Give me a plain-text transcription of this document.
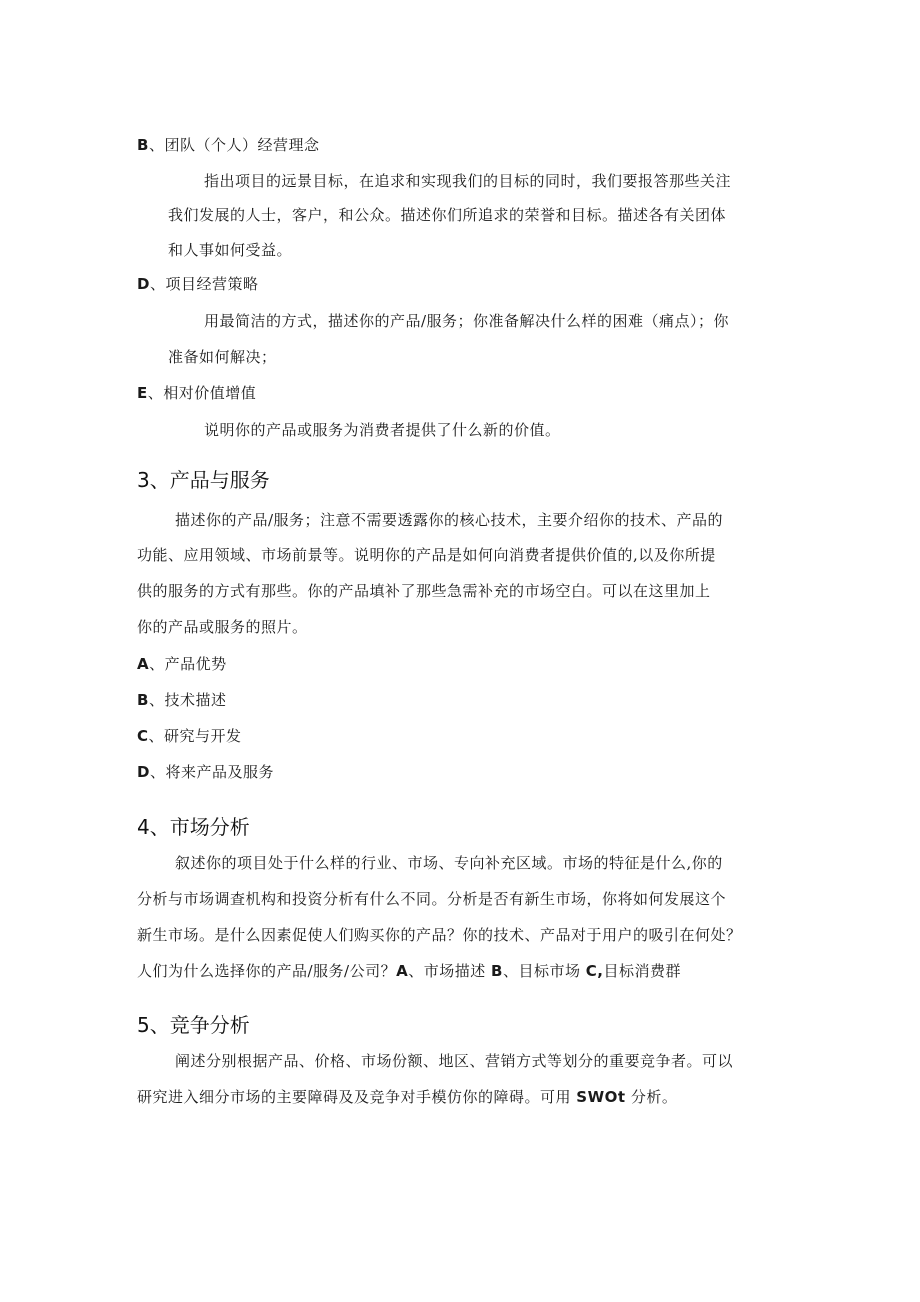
B、团队（个人）经营理念
指出项目的远景目标，在追求和实现我们的目标的同时，我们要报答那些关注
我们发展的人士，客户，和公众。描述你们所追求的荣誉和目标。描述各有关团体
和人事如何受益。
D、项目经营策略
用最简洁的方式，描述你的产品/服务；你准备解决什么样的困难（痛点）；你
准备如何解决；
E、相对价值增值
说明你的产品或服务为消费者提供了什么新的价值。
3、产品与服务
描述你的产品/服务；注意不需要透露你的核心技术，主要介绍你的技术、产品的
功能、应用领域、市场前景等。说明你的产品是如何向消费者提供价值的,以及你所提
供的服务的方式有那些。你的产品填补了那些急需补充的市场空白。可以在这里加上
你的产品或服务的照片。
A、产品优势
B、技术描述
C、研究与开发
D、将来产品及服务
4、市场分析
叙述你的项目处于什么样的行业、市场、专向补充区域。市场的特征是什么,你的
分析与市场调查机构和投资分析有什么不同。分析是否有新生市场，你将如何发展这个
新生市场。是什么因素促使人们购买你的产品？你的技术、产品对于用户的吸引在何处？
人们为什么选择你的产品/服务/公司？A、市场描述 B、目标市场 C,目标消费群
5、竞争分析
阐述分别根据产品、价格、市场份额、地区、营销方式等划分的重要竞争者。可以
研究进入细分市场的主要障碍及及竞争对手模仿你的障碍。可用 SWOt 分析。
